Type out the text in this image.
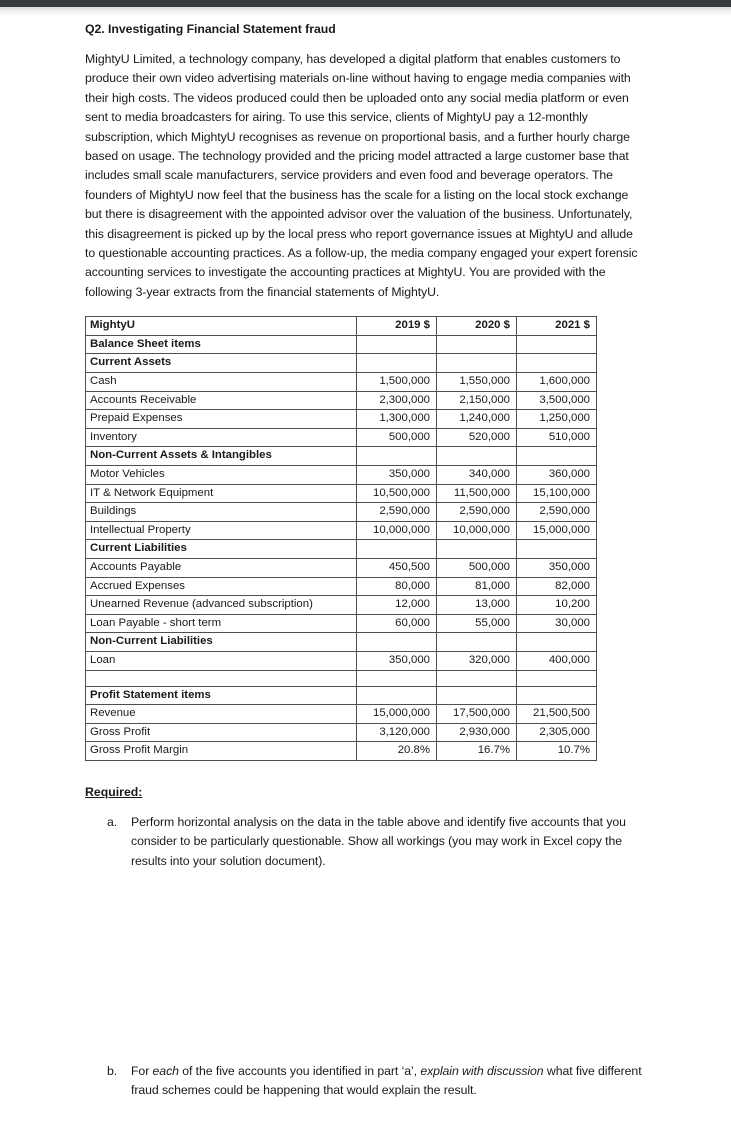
Q2. Investigating Financial Statement fraud

MightyU Limited, a technology company, has developed a digital platform that enables customers to produce their own video advertising materials on-line without having to engage media companies with their high costs. The videos produced could then be uploaded onto any social media platform or even sent to media broadcasters for airing. To use this service, clients of MightyU pay a 12-monthly subscription, which MightyU recognises as revenue on proportional basis, and a further hourly charge based on usage. The technology provided and the pricing model attracted a large customer base that includes small scale manufacturers, service providers and even food and beverage operators. The founders of MightyU now feel that the business has the scale for a listing on the local stock exchange but there is disagreement with the appointed advisor over the valuation of the business. Unfortunately, this disagreement is picked up by the local press who report governance issues at MightyU and allude to questionable accounting practices. As a follow-up, the media company engaged your expert forensic accounting services to investigate the accounting practices at MightyU. You are provided with the following 3-year extracts from the financial statements of MightyU.

MightyU	2019 $	2020 $	2021 $
Balance Sheet items			
Current Assets			
Cash	1,500,000	1,550,000	1,600,000
Accounts Receivable	2,300,000	2,150,000	3,500,000
Prepaid Expenses	1,300,000	1,240,000	1,250,000
Inventory	500,000	520,000	510,000
Non-Current Assets & Intangibles			
Motor Vehicles	350,000	340,000	360,000
IT & Network Equipment	10,500,000	11,500,000	15,100,000
Buildings	2,590,000	2,590,000	2,590,000
Intellectual Property	10,000,000	10,000,000	15,000,000
Current Liabilities			
Accounts Payable	450,500	500,000	350,000
Accrued Expenses	80,000	81,000	82,000
Unearned Revenue (advanced subscription)	12,000	13,000	10,200
Loan Payable - short term	60,000	55,000	30,000
Non-Current Liabilities			
Loan	350,000	320,000	400,000

Profit Statement items			
Revenue	15,000,000	17,500,000	21,500,500
Gross Profit	3,120,000	2,930,000	2,305,000
Gross Profit Margin	20.8%	16.7%	10.7%
Required:
a.	Perform horizontal analysis on the data in the table above and identify five accounts that you consider to be particularly questionable. Show all workings (you may work in Excel copy the results into your solution document).
b.	For each of the five accounts you identified in part ‘a’, explain with discussion what five different fraud schemes could be happening that would explain the result.
